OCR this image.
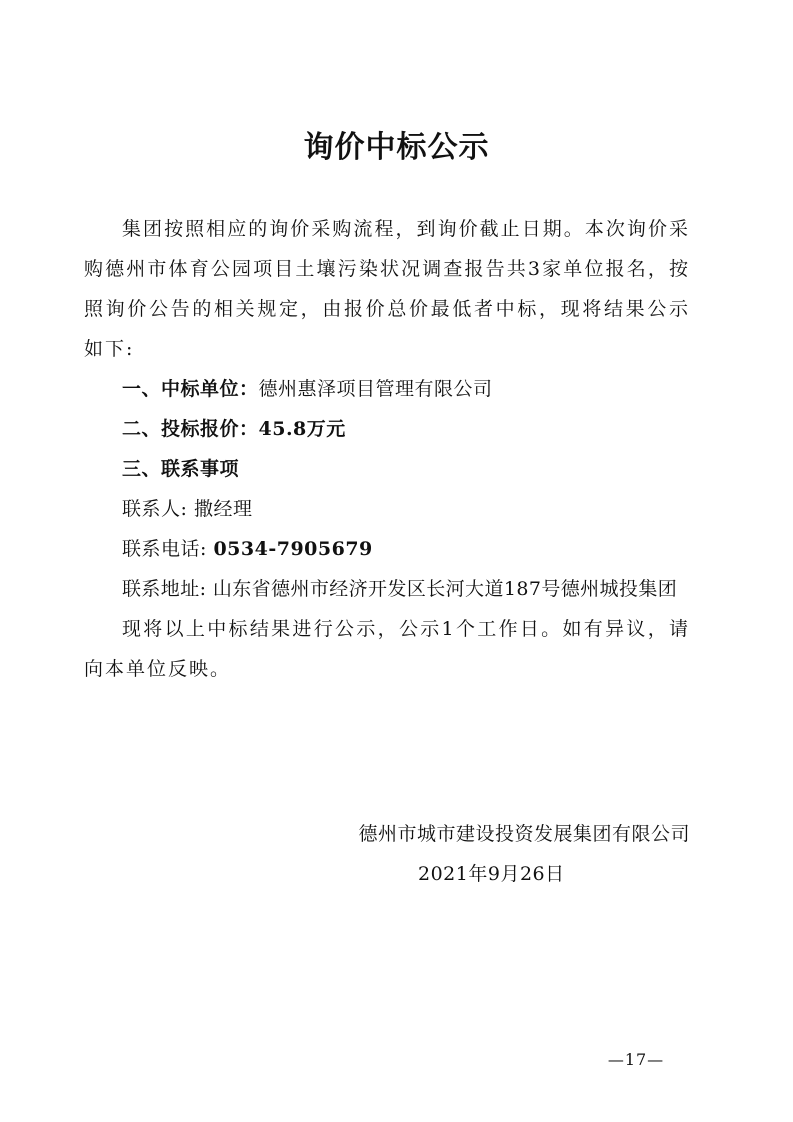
询价中标公示

集团按照相应的询价采购流程，到询价截止日期。本次询价采购德州市体育公园项目土壤污染状况调查报告共3家单位报名，按照询价公告的相关规定，由报价总价最低者中标，现将结果公示如下:

一、中标单位：德州惠泽项目管理有限公司

二、投标报价：45.8万元

三、联系事项

联系人: 撒经理

联系电话: 0534-7905679

联系地址: 山东省德州市经济开发区长河大道187号德州城投集团

现将以上中标结果进行公示，公示1个工作日。如有异议，请向本单位反映。

德州市城市建设投资发展集团有限公司
2021年9月26日
—17—
